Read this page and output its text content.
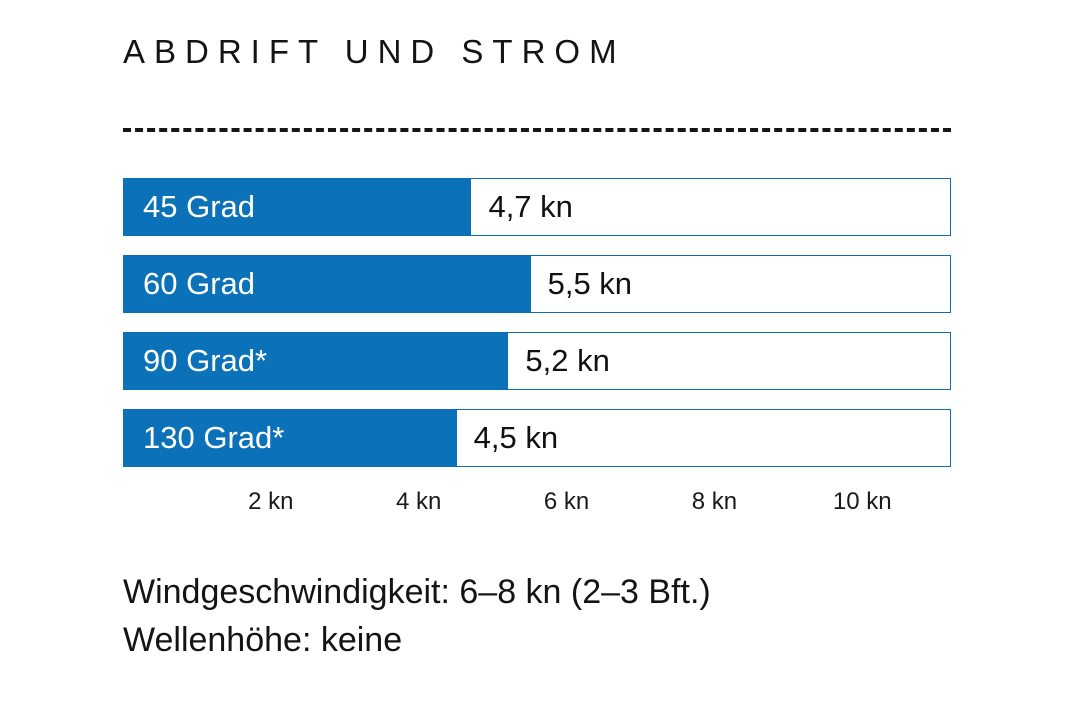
ABDRIFT UND STROM
45 Grad	4,7 kn
60 Grad	5,5 kn
90 Grad*	5,2 kn
130 Grad*	4,5 kn
2 kn	4 kn	6 kn	8 kn	10 kn
Windgeschwindigkeit: 6–8 kn (2–3 Bft.)
Wellenhöhe: keine
